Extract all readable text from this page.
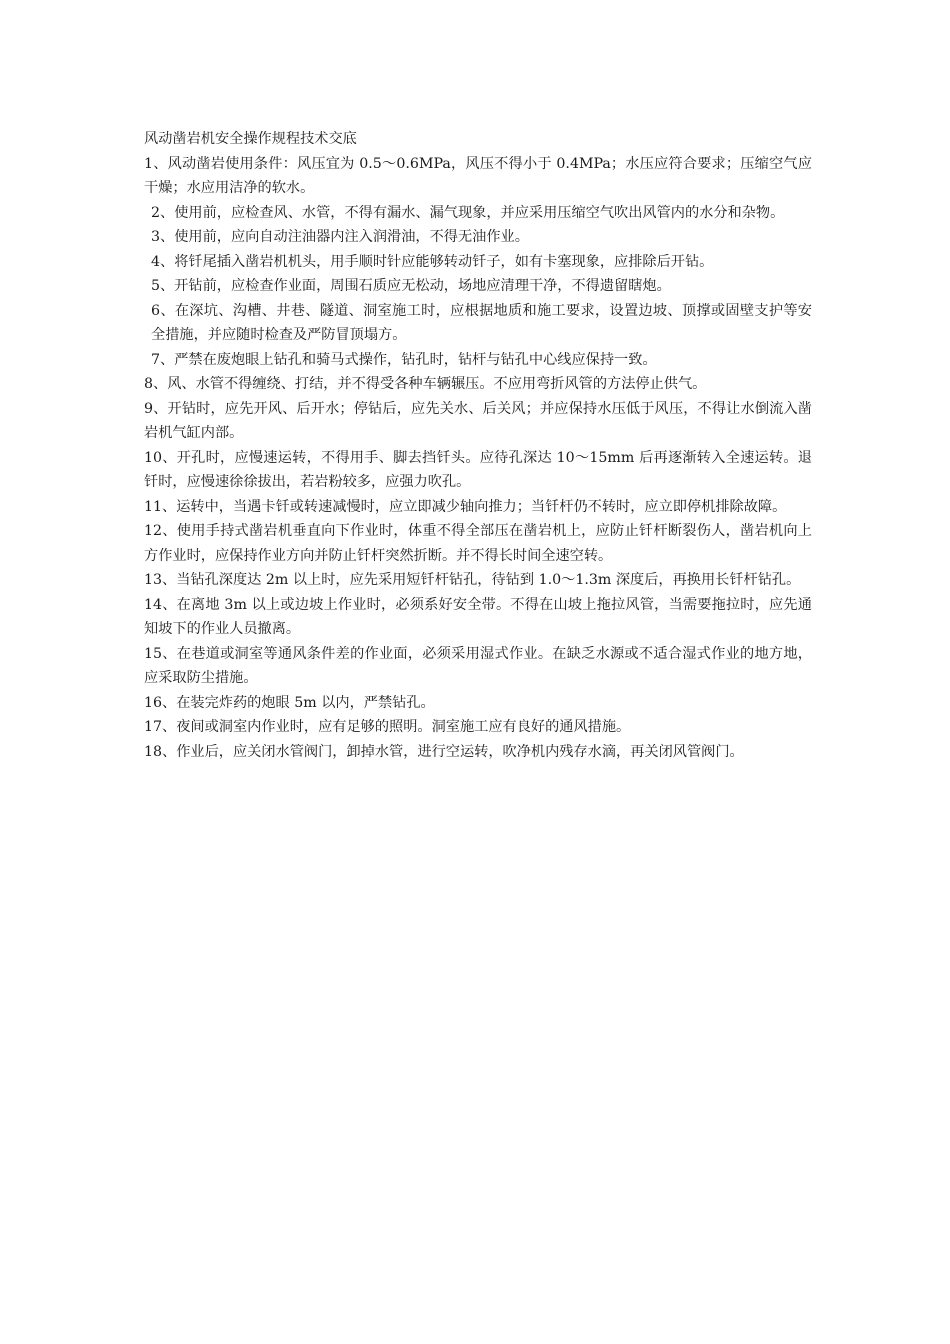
风动凿岩机安全操作规程技术交底

1、风动凿岩使用条件：风压宜为 0.5～0.6MPa，风压不得小于 0.4MPa；水压应符合要求；压缩空气应干燥；水应用洁净的软水。

2、使用前，应检查风、水管，不得有漏水、漏气现象，并应采用压缩空气吹出风管内的水分和杂物。

3、使用前，应向自动注油器内注入润滑油，不得无油作业。

4、将钎尾插入凿岩机机头，用手顺时针应能够转动钎子，如有卡塞现象，应排除后开钻。

5、开钻前，应检查作业面，周围石质应无松动，场地应清理干净，不得遗留瞎炮。

6、在深坑、沟槽、井巷、隧道、洞室施工时，应根据地质和施工要求，设置边坡、顶撑或固壁支护等安全措施，并应随时检查及严防冒顶塌方。

7、严禁在废炮眼上钻孔和骑马式操作，钻孔时，钻杆与钻孔中心线应保持一致。

8、风、水管不得缠绕、打结，并不得受各种车辆辗压。不应用弯折风管的方法停止供气。

9、开钻时，应先开风、后开水；停钻后，应先关水、后关风；并应保持水压低于风压，不得让水倒流入凿岩机气缸内部。

10、开孔时，应慢速运转，不得用手、脚去挡钎头。应待孔深达 10～15mm 后再逐渐转入全速运转。退钎时，应慢速徐徐拔出，若岩粉较多，应强力吹孔。

11、运转中，当遇卡钎或转速减慢时，应立即减少轴向推力；当钎杆仍不转时，应立即停机排除故障。

12、使用手持式凿岩机垂直向下作业时，体重不得全部压在凿岩机上，应防止钎杆断裂伤人，凿岩机向上方作业时，应保持作业方向并防止钎杆突然折断。并不得长时间全速空转。

13、当钻孔深度达 2m 以上时，应先采用短钎杆钻孔，待钻到 1.0～1.3m 深度后，再换用长钎杆钻孔。

14、在离地 3m 以上或边坡上作业时，必须系好安全带。不得在山坡上拖拉风管，当需要拖拉时，应先通知坡下的作业人员撤离。

15、在巷道或洞室等通风条件差的作业面，必须采用湿式作业。在缺乏水源或不适合湿式作业的地方地，应采取防尘措施。

16、在装完炸药的炮眼 5m 以内，严禁钻孔。

17、夜间或洞室内作业时，应有足够的照明。洞室施工应有良好的通风措施。

18、作业后，应关闭水管阀门，卸掉水管，进行空运转，吹净机内残存水滴，再关闭风管阀门。
